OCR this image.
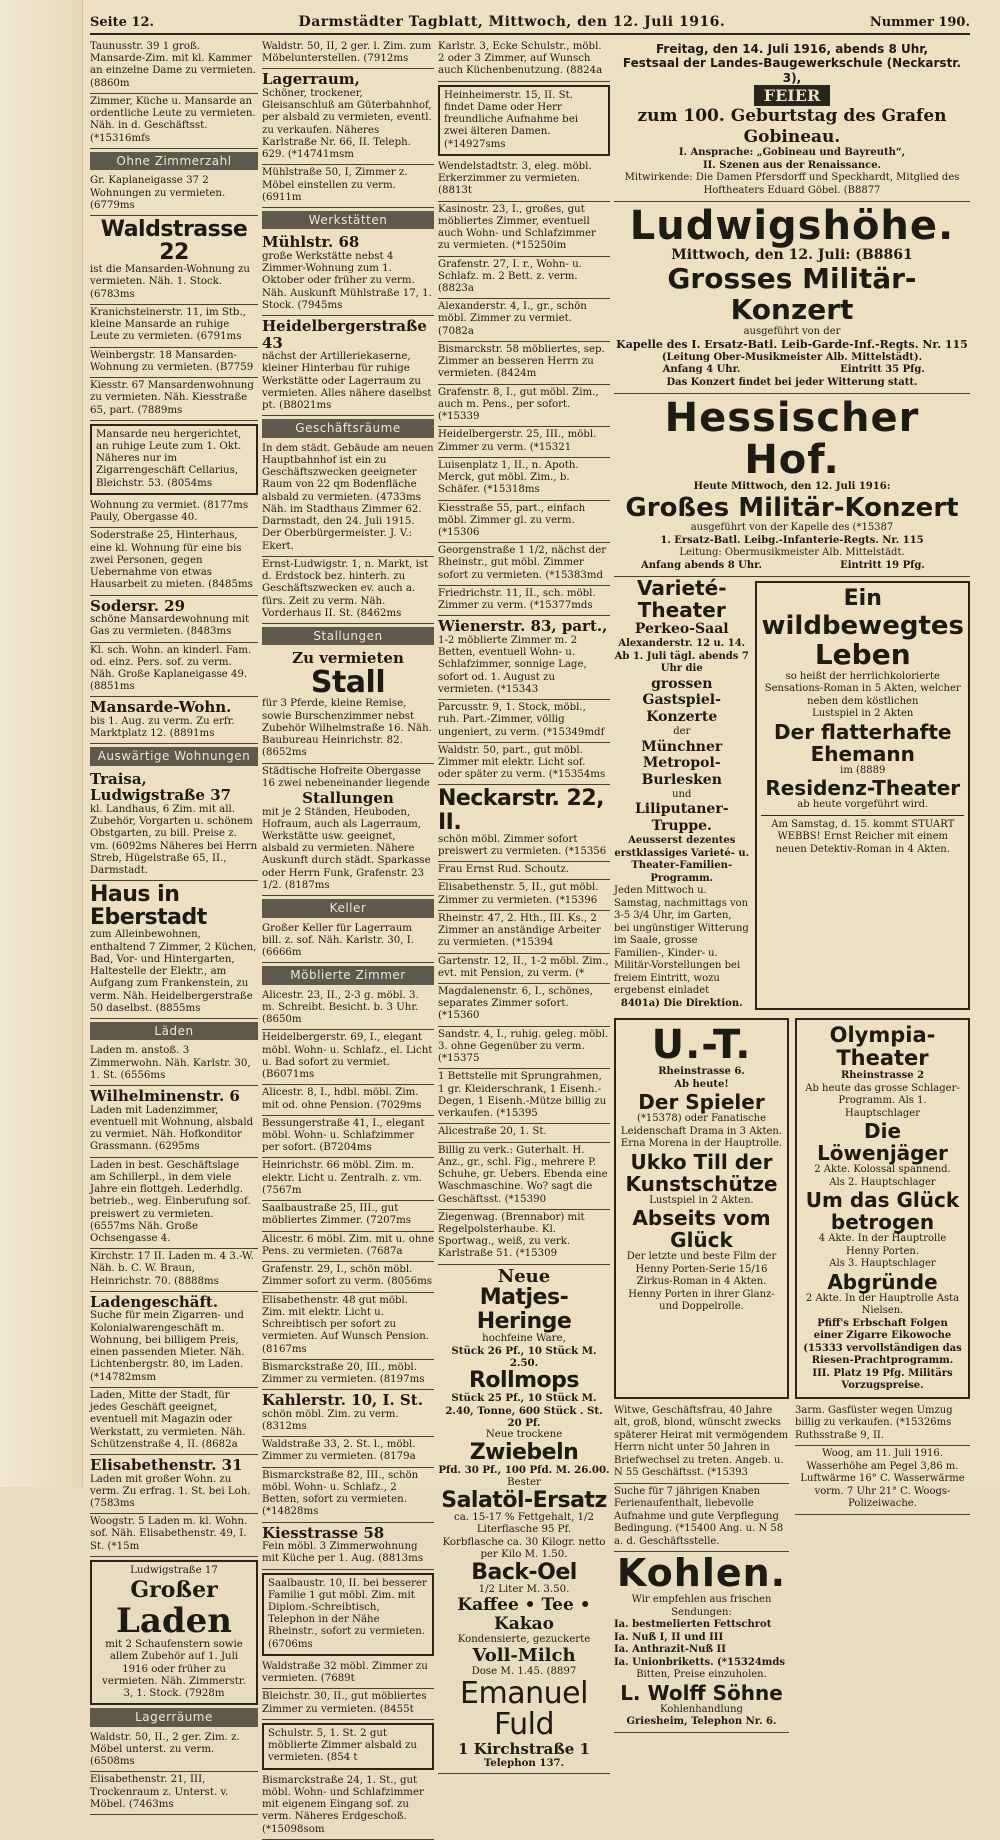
Seite 12.	Darmstädter Tagblatt, Mittwoch, den 12. Juli 1916.	Nummer 190.
Taunusstr. 39 1 groß. Mansarde-Zim. mit kl. Kammer an einzelne Dame zu vermieten. (8860m
Zimmer, Küche u. Mansarde an ordentliche Leute zu vermieten. Näh. in d. Geschäftsst. (*15316mfs
Ohne Zimmerzahl
Gr. Kaplaneigasse 37 2 Wohnungen zu vermieten. (6779ms
Waldstrasse 22
ist die Mansarden-Wohnung zu vermieten. Näh. 1. Stock. (6783ms
Kranichsteinerstr. 11, im Stb., kleine Mansarde an ruhige Leute zu vermieten. (6791ms
Weinbergstr. 18 Mansarden-Wohnung zu vermieten. (B7759
Kiesstr. 67 Mansardenwohnung zu vermieten. Näh. Kiesstraße 65, part. (7889ms
Mansarde neu hergerichtet, an ruhige Leute zum 1. Okt. Näheres nur im Zigarrengeschäft Cellarius, Bleichstr. 53. (8054ms
Wohnung zu vermiet. (8177ms Pauly, Obergasse 40.
Soderstraße 25, Hinterhaus, eine kl. Wohnung für eine bis zwei Personen, gegen Uebernahme von etwas Hausarbeit zu mieten. (8485ms
Sodersr. 29
schöne Mansardewohnung mit Gas zu vermieten. (8483ms
Kl. sch. Wohn. an kinderl. Fam. od. einz. Pers. sof. zu verm. Näh. Große Kaplaneigasse 49. (8851ms
Mansarde-Wohn.
bis 1. Aug. zu verm. Zu erfr. Marktplatz 12. (8891ms
Auswärtige Wohnungen
Traisa, Ludwigstraße 37
kl. Landhaus, 6 Zim. mit all. Zubehör, Vorgarten u. schönem Obstgarten, zu bill. Preise z. vm. (6092ms Näheres bei Herrn Streb, Hügelstraße 65, II., Darmstadt.
Haus in Eberstadt
zum Alleinbewohnen, enthaltend 7 Zimmer, 2 Küchen, Bad, Vor- und Hintergarten, Haltestelle der Elektr., am Aufgang zum Frankenstein, zu verm. Näh. Heidelbergerstraße 50 daselbst. (8855ms
Läden
Laden m. anstoß. 3 Zimmerwohn. Näh. Karlstr. 30, 1. St. (6556ms
Wilhelminenstr. 6
Laden mit Ladenzimmer, eventuell mit Wohnung, alsbald zu vermiet. Näh. Hofkonditor Grassmann. (6295ms
Laden in best. Geschäftslage am Schillerpl., in dem viele Jahre ein flottgeh. Lederhdlg. betrieb., weg. Einberufung sof. preiswert zu vermieten. (6557ms Näh. Große Ochsengasse 4.
Kirchstr. 17 II. Laden m. 4 3.-W. Näh. b. C. W. Braun, Heinrichstr. 70. (8888ms
Ladengeschäft.
Suche für mein Zigarren- und Kolonialwarengeschäft m. Wohnung, bei billigem Preis, einen passenden Mieter. Näh. Lichtenbergstr. 80, im Laden. (*14782msm
Laden, Mitte der Stadt, für jedes Geschäft geeignet, eventuell mit Magazin oder Werkstatt, zu vermieten. Näh. Schützenstraße 4, II. (8682a
Elisabethenstr. 31
Laden mit großer Wohn. zu verm. Zu erfrag. 1. St. bei Loh. (7583ms
Woogstr. 5 Laden m. kl. Wohn. sof. Näh. Elisabethenstr. 49, I. St. (*15m
Ludwigstraße 17
Großer
Laden
mit 2 Schaufenstern sowie allem Zubehör auf 1. Juli 1916 oder früher zu vermieten. Näh. Zimmerstr. 3, 1. Stock. (7928m
Lagerräume
Waldstr. 50, II., 2 ger. Zim. z. Möbel unterst. zu verm. (6508ms
Elisabethenstr. 21, III, Trockenraum z. Unterst. v. Möbel. (7463ms
Waldstr. 50, II, 2 ger. l. Zim. zum Möbelunterstellen. (7912ms
Lagerraum,
Schöner, trockener, Gleisanschluß am Güterbahnhof, per alsbald zu vermieten, eventl. zu verkaufen. Näheres Karlstraße Nr. 66, II. Teleph. 629. (*14741msm
Mühlstraße 50, I, Zimmer z. Möbel einstellen zu verm. (6911m
Werkstätten
Mühlstr. 68
große Werkstätte nebst 4 Zimmer-Wohnung zum 1. Oktober oder früher zu verm. Näh. Auskunft Mühlstraße 17, 1. Stock. (7945ms
Heidelbergerstraße 43
nächst der Artilleriekaserne, kleiner Hinterbau für ruhige Werkstätte oder Lagerraum zu vermieten. Alles nähere daselbst pt. (B8021ms
Geschäftsräume
In dem städt. Gebäude am neuen Hauptbahnhof ist ein zu Geschäftszwecken geeigneter Raum von 22 qm Bodenfläche alsbald zu vermieten. (4733ms Näh. im Stadthaus Zimmer 62. Darmstadt, den 24. Juli 1915. Der Oberbürgermeister. J. V.: Ekert.
Ernst-Ludwigstr. 1, n. Markt, ist d. Erdstock bez. hinterh. zu Geschäftszwecken ev. auch a. fürs. Zeit zu verm. Näh. Vorderhaus II. St. (8462ms
Stallungen
Zu vermieten
Stall
für 3 Pferde, kleine Remise, sowie Burschenzimmer nebst Zubehör Wilhelmstraße 16. Näh. Baubureau Heinrichstr. 82. (8652ms
Städtische Hofreite Obergasse 16 zwei nebeneinander liegende
Stallungen
mit je 2 Ständen, Heuboden, Hofraum, auch als Lagerraum, Werkstätte usw. geeignet, alsbald zu vermieten. Nähere Auskunft durch städt. Sparkasse oder Herrn Funk, Grafenstr. 23 1/2. (8187ms
Keller
Großer Keller für Lagerraum bill. z. sof. Näh. Karlstr. 30, I. (6666m
Möblierte Zimmer
Alicestr. 23, II., 2-3 g. möbl. 3. m. Schreibt. Besicht. b. 3 Uhr. (8650m
Heidelbergerstr. 69, I., elegant möbl. Wohn- u. Schlafz., el. Licht u. Bad sofort zu vermiet. (B6071ms
Alicestr. 8, I., hdbl. möbl. Zim. mit od. ohne Pension. (7029ms
Bessungerstraße 41, I., elegant möbl. Wohn- u. Schlafzimmer per sofort. (B7204ms
Heinrichstr. 66 möbl. Zim. m. elektr. Licht u. Zentralh. z. vm. (7567m
Saalbaustraße 25, III., gut möbliertes Zimmer. (7207ms
Alicestr. 6 möbl. Zim. mit u. ohne Pens. zu vermieten. (7687a
Grafenstr. 29, I., schön möbl. Zimmer sofort zu verm. (8056ms
Elisabethenstr. 48 gut möbl. Zim. mit elektr. Licht u. Schreibtisch per sofort zu vermieten. Auf Wunsch Pension. (8167ms
Bismarckstraße 20, III., möbl. Zimmer zu vermieten. (8197ms
Kahlerstr. 10, I. St.
schön möbl. Zim. zu verm. (8312ms
Waldstraße 33, 2. St. l., möbl. Zimmer zu vermieten. (8179a
Bismarckstraße 82, III., schön möbl. Wohn- u. Schlafz., 2 Betten, sofort zu vermieten. (*14828ms
Kiesstrasse 58
Fein möbl. 3 Zimmerwohnung mit Küche per 1. Aug. (8813ms
Saalbaustr. 10, II. bei besserer Familie 1 gut möbl. Zim. mit Diplom.-Schreibtisch, Telephon in der Nähe Rheinstr., sofort zu vermieten. (6706ms
Waldstraße 32 möbl. Zimmer zu vermieten. (7689t
Bleichstr. 30, II., gut möbliertes Zimmer zu vermieten. (8455t
Schulstr. 5, 1. St. 2 gut möblierte Zimmer alsbald zu vermieten. (854 t
Bismarckstraße 24, 1. St., gut möbl. Wohn- und Schlafzimmer mit eigenem Eingang sof. zu verm. Näheres Erdgeschoß. (*15098som
Karlstr. 3, Ecke Schulstr., möbl. 2 oder 3 Zimmer, auf Wunsch auch Küchenbenutzung. (8824a
Heinheimerstr. 15, II. St. findet Dame oder Herr freundliche Aufnahme bei zwei älteren Damen. (*14927sms
Wendelstadtstr. 3, eleg. möbl. Erkerzimmer zu vermieten. (8813t
Kasinostr. 23, I., großes, gut möbliertes Zimmer, eventuell auch Wohn- und Schlafzimmer zu vermieten. (*15250im
Grafenstr. 27, I. r., Wohn- u. Schlafz. m. 2 Bett. z. verm. (8823a
Alexanderstr. 4, I., gr., schön möbl. Zimmer zu vermiet. (7082a
Bismarckstr. 58 möbliertes, sep. Zimmer an besseren Herrn zu vermieten. (8424m
Grafenstr. 8, I., gut möbl. Zim., auch m. Pens., per sofort. (*15339
Heidelbergerstr. 25, III., möbl. Zimmer zu verm. (*15321
Luisenplatz 1, II., n. Apoth. Merck, gut möbl. Zim., b. Schäfer. (*15318ms
Kiesstraße 55, part., einfach möbl. Zimmer gl. zu verm. (*15306
Georgenstraße 1 1/2, nächst der Rheinstr., gut möbl. Zimmer sofort zu vermieten. (*15383md
Friedrichstr. 11, II., sch. möbl. Zimmer zu verm. (*15377mds
Wienerstr. 83, part.,
1-2 möblierte Zimmer m. 2 Betten, eventuell Wohn- u. Schlafzimmer, sonnige Lage, sofort od. 1. August zu vermieten. (*15343
Parcusstr. 9, 1. Stock, möbl., ruh. Part.-Zimmer, völlig ungeniert, zu verm. (*15349mdf
Waldstr. 50, part., gut möbl. Zimmer mit elektr. Licht sof. oder später zu verm. (*15354ms
Neckarstr. 22, II.
schön möbl. Zimmer sofort preiswert zu vermieten. (*15356
Frau Ernst Rud. Schoutz.
Elisabethenstr. 5, II., gut möbl. Zimmer zu vermieten. (*15396
Rheinstr. 47, 2. Hth., III. Ks., 2 Zimmer an anständige Arbeiter zu vermieten. (*15394
Gartenstr. 12, II., 1-2 möbl. Zim., evt. mit Pension, zu verm. (*
Magdalenenstr. 6, I., schönes, separates Zimmer sofort. (*15360
Sandstr. 4, I., ruhig. geleg. möbl. 3. ohne Gegenüber zu verm. (*15375
1 Bettstelle mit Sprungrahmen, 1 gr. Kleiderschrank, 1 Eisenh.-Degen, 1 Eisenh.-Mütze billig zu verkaufen. (*15395
Alicestraße 20, 1. St.
Billig zu verk.: Guterhalt. H. Anz., gr., schl. Fig., mehrere P. Schuhe, gr. Uebers. Ebenda eine Waschmaschine. Wo? sagt die Geschäftsst. (*15390
Ziegenwag. (Brennabor) mit Regelpolsterhaube. Kl. Sportwag., weiß, zu verk. Karlstraße 51. (*15309
Neue
Matjes-Heringe
hochfeine Ware,
Stück 26 Pf., 10 Stück M. 2.50.
Rollmops
Stück 25 Pf., 10 Stück M. 2.40, Tonne, 600 Stück . St. 20 Pf.
Neue trockene
Zwiebeln
Pfd. 30 Pf., 100 Pfd. M. 26.00.
Bester
Salatöl-Ersatz
ca. 15-17 % Fettgehalt, 1/2 Literflasche 95 Pf.
Korbflasche ca. 30 Kilogr. netto per Kilo M. 1.50.
Back-Oel
1/2 Liter M. 3.50.
Kaffee • Tee • Kakao
Kondensierte, gezuckerte
Voll-Milch
Dose M. 1.45. (8897
Emanuel Fuld
1 Kirchstraße 1
Telephon 137.
Freitag, den 14. Juli 1916, abends 8 Uhr,
Festsaal der Landes-Baugewerkschule (Neckarstr. 3),
FEIER
zum 100. Geburtstag des Grafen Gobineau.
I. Ansprache: „Gobineau und Bayreuth“,
II. Szenen aus der Renaissance.
Mitwirkende: Die Damen Pfersdorff und Speckhardt, Mitglied des Hoftheaters Eduard Göbel. (B8877
Ludwigshöhe.
Mittwoch, den 12. Juli: (B8861
Grosses Militär-Konzert
ausgeführt von der
Kapelle des I. Ersatz-Batl. Leib-Garde-Inf.-Regts. Nr. 115
(Leitung Ober-Musikmeister Alb. Mittelstädt).
Anfang 4 Uhr.	Eintritt 35 Pfg.
Das Konzert findet bei jeder Witterung statt.
Hessischer Hof.
Heute Mittwoch, den 12. Juli 1916:
Großes Militär-Konzert
ausgeführt von der Kapelle des (*15387
1. Ersatz-Batl. Leibg.-Infanterie-Regts. Nr. 115
Leitung: Obermusikmeister Alb. Mittelstädt.
Anfang abends 8 Uhr.	Eintritt 19 Pfg.
Varieté-Theater
Perkeo-Saal
Alexanderstr. 12 u. 14.
Ab 1. Juli tägl. abends 7 Uhr die
grossen Gastspiel-Konzerte
der
Münchner Metropol-Burlesken
und
Liliputaner-Truppe.
Aeusserst dezentes erstklassiges Varieté- u. Theater-Familien-Programm.
Jeden Mittwoch u. Samstag, nachmittags von 3-5 3/4 Uhr, im Garten, bei ungünstiger Witterung im Saale, grosse Familien-, Kinder- u. Militär-Vorstellungen bei freiem Eintritt, wozu ergebenst einladet
8401a) Die Direktion.
Ein
wildbewegtes
Leben
so heißt der herrlichkolorierte Sensations-Roman in 5 Akten, welcher neben dem köstlichen
Lustspiel in 2 Akten
Der flatterhafte Ehemann
im (8889
Residenz-Theater
ab heute vorgeführt wird.
Am Samstag, d. 15. kommt STUART WEBBS! Ernst Reicher mit einem neuen Detektiv-Roman in 4 Akten.
U.-T.
Rheinstrasse 6.
Ab heute!
Der Spieler
(*15378) oder Fanatische Leidenschaft Drama in 3 Akten. Erna Morena in der Hauptrolle.
Ukko Till der Kunstschütze
Lustspiel in 2 Akten.
Abseits vom Glück
Der letzte und beste Film der Henny Porten-Serie 15/16 Zirkus-Roman in 4 Akten. Henny Porten in ihrer Glanz- und Doppelrolle.
Olympia-Theater
Rheinstrasse 2
Ab heute das grosse Schlager-Programm. Als 1. Hauptschlager
Die Löwenjäger
2 Akte. Kolossal spannend.
Als 2. Hauptschlager
Um das Glück betrogen
4 Akte. In der Hauptrolle Henny Porten.
Als 3. Hauptschlager
Abgründe
2 Akte. In der Hauptrolle Asta Nielsen.
Pfiff's Erbschaft Folgen einer Zigarre Eikowoche (15333 vervollständigen das Riesen-Prachtprogramm.
III. Platz 19 Pfg. Militärs Vorzugspreise.
Witwe, Geschäftsfrau, 40 Jahre alt, groß, blond, wünscht zwecks späterer Heirat mit vermögendem Herrn nicht unter 50 Jahren in Briefwechsel zu treten. Angeb. u. N 55 Geschäftsst. (*15393
Suche für 7 jährigen Knaben Ferienaufenthalt, liebevolle Aufnahme und gute Verpflegung Bedingung. (*15400 Ang. u. N 58 a. d. Geschäftsstelle.
Kohlen.
Wir empfehlen aus frischen Sendungen:
Ia. bestmelierten Fettschrot
Ia. Nuß I, II und III
Ia. Anthrazit-Nuß II
Ia. Unionbriketts. (*15324mds
Bitten, Preise einzuholen.
L. Wolff Söhne
Kohlenhandlung
Griesheim, Telephon Nr. 6.
3arm. Gasfüster wegen Umzug billig zu verkaufen. (*15326ms Ruthsstraße 9, II.
Woog, am 11. Juli 1916. Wasserhöhe am Pegel 3,86 m. Luftwärme 16° C. Wasserwärme vorm. 7 Uhr 21° C. Woogs-Polizeiwache.
